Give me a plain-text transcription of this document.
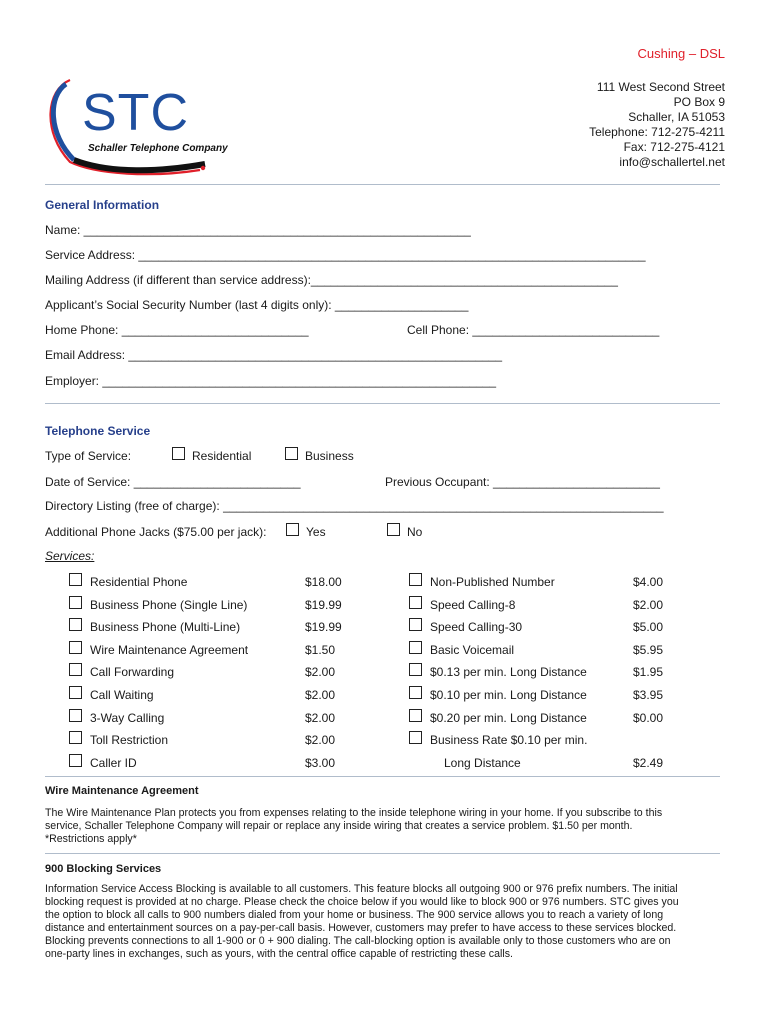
Cushing – DSL
111 West Second Street
PO Box 9
Schaller, IA 51053
Telephone: 712-275-4211
Fax: 712-275-4121
info@schallertel.net
STC
Schaller Telephone Company
General Information
Name: __________________________________________________________
Service Address: ____________________________________________________________________________
Mailing Address (if different than service address):______________________________________________
Applicant’s Social Security Number (last 4 digits only): ____________________
Home Phone: ____________________________	Cell Phone: ____________________________
Email Address: ________________________________________________________
Employer: ___________________________________________________________
Telephone Service
Type of Service:	Residential	Business
Date of Service: _________________________	Previous Occupant: _________________________
Directory Listing (free of charge): __________________________________________________________________
Additional Phone Jacks ($75.00 per jack):	Yes	No
Services:
Residential Phone	$18.00
Business Phone (Single Line)	$19.99
Business Phone (Multi-Line)	$19.99
Wire Maintenance Agreement	$1.50
Call Forwarding	$2.00
Call Waiting	$2.00
3-Way Calling	$2.00
Toll Restriction	$2.00
Caller ID	$3.00
Non-Published Number	$4.00
Speed Calling-8	$2.00
Speed Calling-30	$5.00
Basic Voicemail	$5.95
$0.13 per min. Long Distance	$1.95
$0.10 per min. Long Distance	$3.95
$0.20 per min. Long Distance	$0.00
Business Rate $0.10 per min.
Long Distance	$2.49
Wire Maintenance Agreement
The Wire Maintenance Plan protects you from expenses relating to the inside telephone wiring in your home. If you subscribe to this
service, Schaller Telephone Company will repair or replace any inside wiring that creates a service problem. $1.50 per month.
*Restrictions apply*
900 Blocking Services
Information Service Access Blocking is available to all customers. This feature blocks all outgoing 900 or 976 prefix numbers. The initial
blocking request is provided at no charge. Please check the choice below if you would like to block 900 or 976 numbers. STC gives you
the option to block all calls to 900 numbers dialed from your home or business. The 900 service allows you to reach a variety of long
distance and entertainment sources on a pay-per-call basis. However, customers may prefer to have access to these services blocked.
Blocking prevents connections to all 1-900 or 0 + 900 dialing. The call-blocking option is available only to those customers who are on
one-party lines in exchanges, such as yours, with the central office capable of restricting these calls.
